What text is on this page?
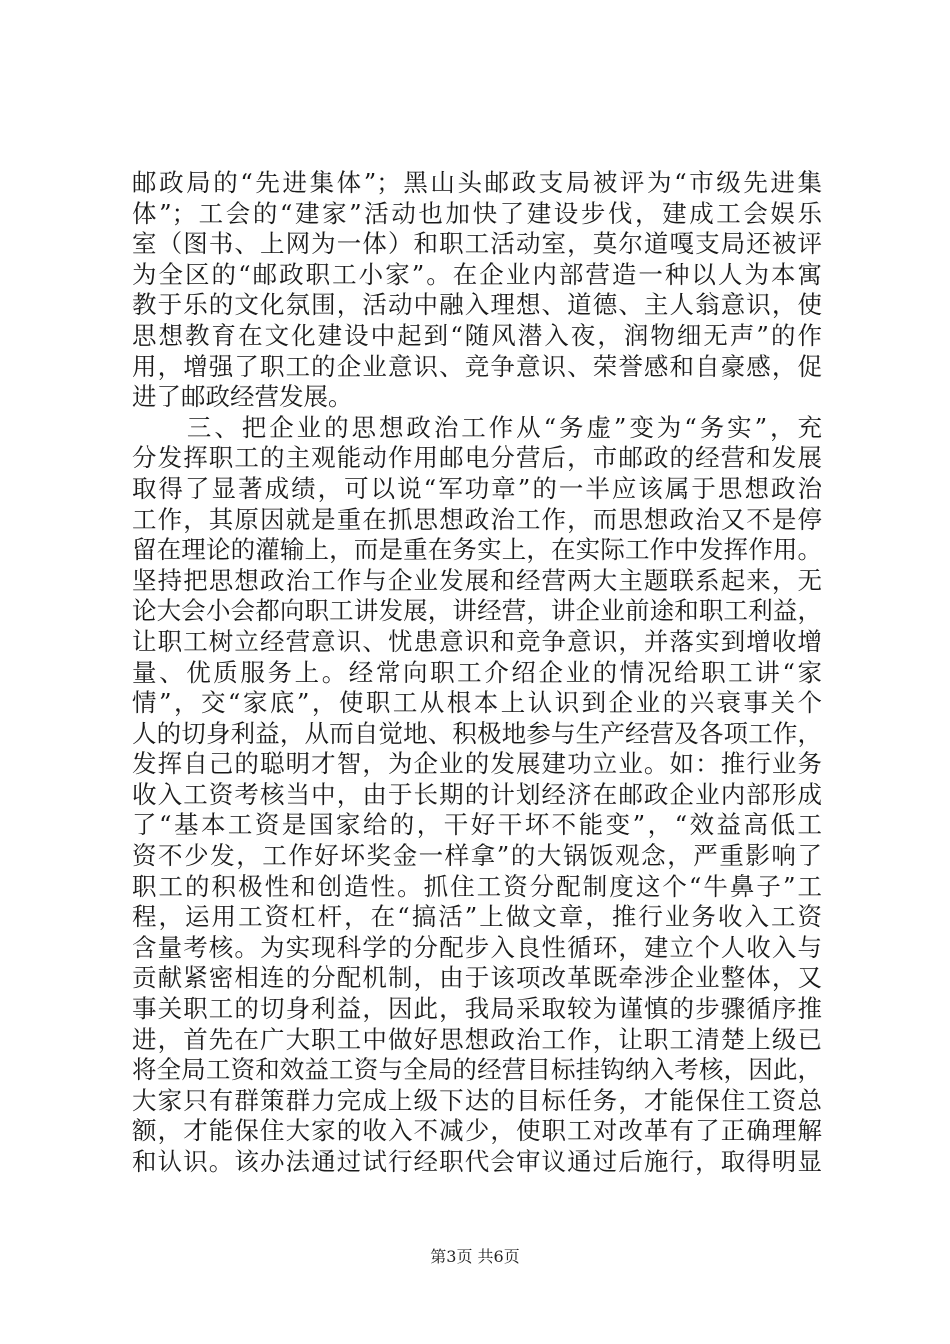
邮政局的“先进集体”；黑山头邮政支局被评为“市级先进集
体”；工会的“建家”活动也加快了建设步伐，建成工会娱乐
室（图书、上网为一体）和职工活动室，莫尔道嘎支局还被评
为全区的“邮政职工小家”。在企业内部营造一种以人为本寓
教于乐的文化氛围，活动中融入理想、道德、主人翁意识，使
思想教育在文化建设中起到“随风潜入夜，润物细无声”的作
用，增强了职工的企业意识、竞争意识、荣誉感和自豪感，促
进了邮政经营发展。
　　三、把企业的思想政治工作从“务虚”变为“务实”，充
分发挥职工的主观能动作用邮电分营后，市邮政的经营和发展
取得了显著成绩，可以说“军功章”的一半应该属于思想政治
工作，其原因就是重在抓思想政治工作，而思想政治又不是停
留在理论的灌输上，而是重在务实上，在实际工作中发挥作用。
坚持把思想政治工作与企业发展和经营两大主题联系起来，无
论大会小会都向职工讲发展，讲经营，讲企业前途和职工利益，
让职工树立经营意识、忧患意识和竞争意识，并落实到增收增
量、优质服务上。经常向职工介绍企业的情况给职工讲“家
情”，交“家底”，使职工从根本上认识到企业的兴衰事关个
人的切身利益，从而自觉地、积极地参与生产经营及各项工作，
发挥自己的聪明才智，为企业的发展建功立业。如：推行业务
收入工资考核当中，由于长期的计划经济在邮政企业内部形成
了“基本工资是国家给的，干好干坏不能变”，“效益高低工
资不少发，工作好坏奖金一样拿”的大锅饭观念，严重影响了
职工的积极性和创造性。抓住工资分配制度这个“牛鼻子”工
程，运用工资杠杆，在“搞活”上做文章，推行业务收入工资
含量考核。为实现科学的分配步入良性循环，建立个人收入与
贡献紧密相连的分配机制，由于该项改革既牵涉企业整体，又
事关职工的切身利益，因此，我局采取较为谨慎的步骤循序推
进，首先在广大职工中做好思想政治工作，让职工清楚上级已
将全局工资和效益工资与全局的经营目标挂钩纳入考核，因此，
大家只有群策群力完成上级下达的目标任务，才能保住工资总
额，才能保住大家的收入不减少，使职工对改革有了正确理解
和认识。该办法通过试行经职代会审议通过后施行，取得明显
第3页 共6页
